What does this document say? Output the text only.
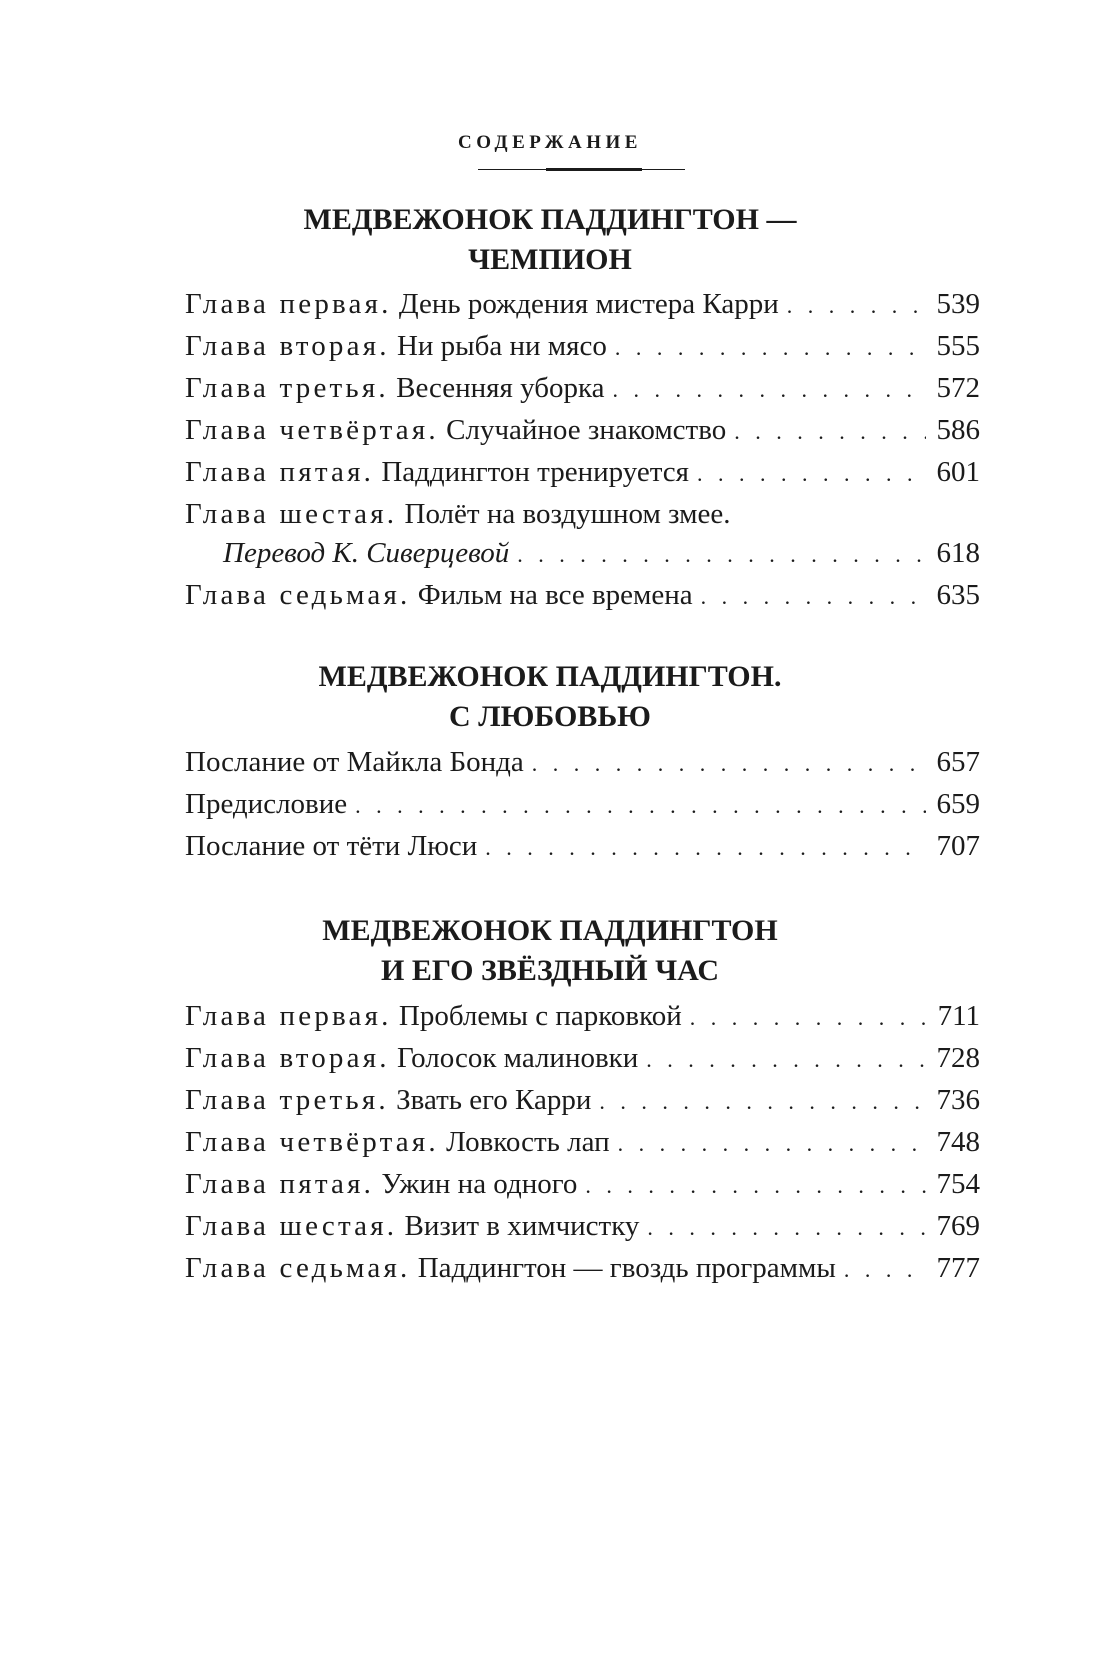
СОДЕРЖАНИЕ
МЕДВЕЖОНОК ПАДДИНГТОН —
ЧЕМПИОН
Глава первая.
День рождения мистера Карри . . .	539
Глава вторая.
Ни рыба ни мясо . . .	555
Глава третья.
Весенняя уборка . . .	572
Глава четвёртая.
Случайное знакомство . . .	586
Глава пятая.
Паддингтон тренируется . . .	601
Глава шестая.
Полёт на воздушном змее.
Перевод К. Сиверцевой . . .	618
Глава седьмая.
Фильм на все времена . . .	635
МЕДВЕЖОНОК ПАДДИНГТОН.
С ЛЮБОВЬЮ
Послание от Майкла Бонда . . .	657
Предисловие . . .	659
Послание от тёти Люси . . .	707
МЕДВЕЖОНОК ПАДДИНГТОН
И ЕГО ЗВЁЗДНЫЙ ЧАС
Глава первая.
Проблемы с парковкой . . .	711
Глава вторая.
Голосок малиновки . . .	728
Глава третья.
Звать его Карри . . .	736
Глава четвёртая.
Ловкость лап . . .	748
Глава пятая.
Ужин на одного . . .	754
Глава шестая.
Визит в химчистку . . .	769
Глава седьмая.
Паддингтон — гвоздь программы . . .	777
